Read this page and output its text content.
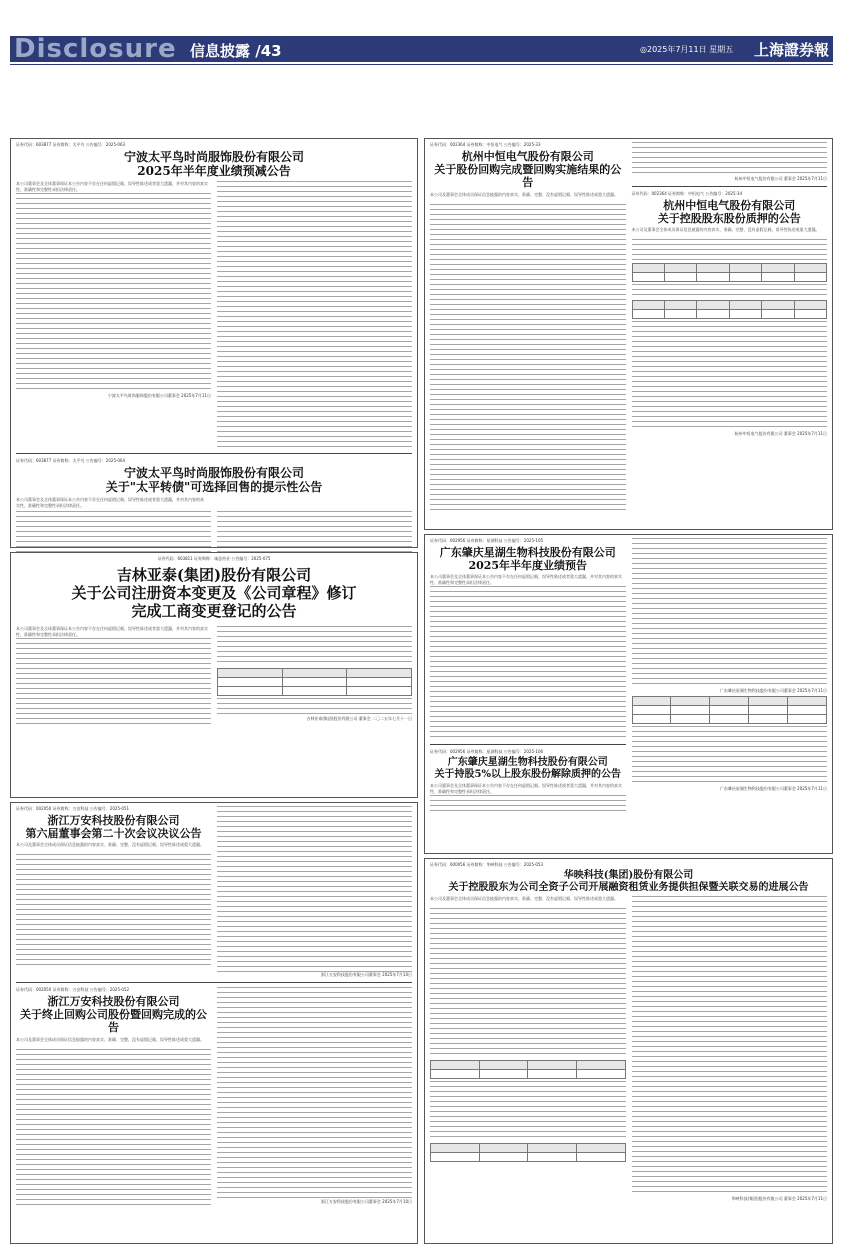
Disclosure 信息披露 /43	◎2025年7月11日 星期五 上海證券報
证券代码：603877 证券简称：太平鸟 公告编号：2025-063
宁波太平鸟时尚服饰股份有限公司
2025年半年度业绩预减公告
本公司董事会及全体董事保证本公告内容不存在任何虚假记载、误导性陈述或者重大遗漏，并对其内容的真实性、准确性和完整性承担法律责任。
宁波太平鸟时尚服饰股份有限公司董事会 2025年7月11日
证券代码：603877 证券简称：太平鸟 公告编号：2025-064
宁波太平鸟时尚服饰股份有限公司
关于"太平转债"可选择回售的提示性公告
本公司董事会及全体董事保证本公告内容不存在任何虚假记载、误导性陈述或者重大遗漏，并对其内容的真实性、准确性和完整性承担法律责任。
证券代码：603811 证券简称：诚意药业 公告编号：2025-075
吉林亚泰(集团)股份有限公司
关于公司注册资本变更及《公司章程》修订
完成工商变更登记的公告
本公司董事会及全体董事保证本公告内容不存在任何虚假记载、误导性陈述或者重大遗漏，并对其内容的真实性、准确性和完整性承担法律责任。

吉林亚泰(集团)股份有限公司 董事会 二〇二五年七月十一日
证券代码：002050 证券简称：万安科技 公告编号：2025-051
浙江万安科技股份有限公司
第六届董事会第二十次会议决议公告
本公司及董事会全体成员保证信息披露的内容真实、准确、完整，没有虚假记载、误导性陈述或重大遗漏。
浙江万安科技股份有限公司董事会 2025年7月10日
证券代码：002050 证券简称：万安科技 公告编号：2025-052
浙江万安科技股份有限公司
关于终止回购公司股份暨回购完成的公告
本公司及董事会全体成员保证信息披露的内容真实、准确、完整，没有虚假记载、误导性陈述或重大遗漏。
浙江万安科技股份有限公司董事会 2025年7月10日
证券代码：002364 证券简称：中恒电气 公告编号：2025-33
杭州中恒电气股份有限公司
关于股份回购完成暨回购实施结果的公告
本公司及董事会全体成员保证信息披露的内容真实、准确、完整，没有虚假记载、误导性陈述或重大遗漏。
杭州中恒电气股份有限公司 董事会 2025年7月11日
证券代码：002364 证券简称：中恒电气 公告编号：2025-34
杭州中恒电气股份有限公司
关于控股股东股份质押的公告
本公司及董事会全体成员保证信息披露的内容真实、准确、完整，没有虚假记载、误导性陈述或重大遗漏。

杭州中恒电气股份有限公司 董事会 2025年7月11日
证券代码：002956 证券简称：星湖科技 公告编号：2025-105
广东肇庆星湖生物科技股份有限公司
2025年半年度业绩预告
本公司董事会及全体董事保证本公告内容不存在任何虚假记载、误导性陈述或者重大遗漏，并对其内容的真实性、准确性和完整性承担法律责任。
证券代码：002956 证券简称：星湖科技 公告编号：2025-106
广东肇庆星湖生物科技股份有限公司
关于持股5%以上股东股份解除质押的公告
本公司董事会及全体董事保证本公告内容不存在任何虚假记载、误导性陈述或者重大遗漏，并对其内容的真实性、准确性和完整性承担法律责任。
广东肇庆星湖生物科技股份有限公司董事会 2025年7月11日

广东肇庆星湖生物科技股份有限公司董事会 2025年7月11日
证券代码：600056 证券简称：华映科技 公告编号：2025-053
华映科技(集团)股份有限公司
关于控股股东为公司全资子公司开展融资租赁业务提供担保暨关联交易的进展公告
本公司及董事会全体成员保证信息披露的内容真实、准确、完整，没有虚假记载、误导性陈述或重大遗漏。

华映科技(集团)股份有限公司 董事会 2025年7月11日
